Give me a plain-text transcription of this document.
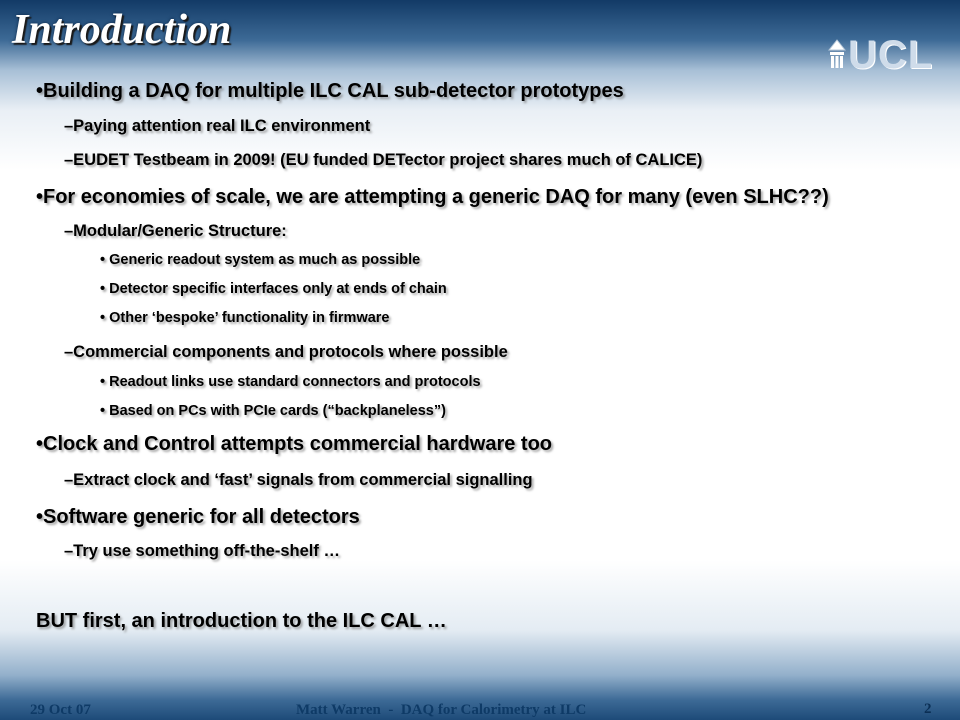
Introduction
UCL
•Building a DAQ for multiple ILC CAL sub-detector prototypes
–Paying attention real ILC environment
–EUDET Testbeam in 2009! (EU funded DETector project shares much of CALICE)
•For economies of scale, we are attempting a generic DAQ for many (even SLHC??)
–Modular/Generic Structure:
• Generic readout system as much as possible
• Detector specific interfaces only at ends of chain
• Other ‘bespoke’ functionality in firmware
–Commercial components and protocols where possible
• Readout links use standard connectors and protocols
• Based on PCs with PCIe cards (“backplaneless”)
•Clock and Control attempts commercial hardware too
–Extract clock and ‘fast’ signals from commercial signalling
•Software generic for all detectors
–Try use something off-the-shelf …
BUT first, an introduction to the ILC CAL …
29 Oct 07	Matt Warren  -  DAQ for Calorimetry at ILC	2
